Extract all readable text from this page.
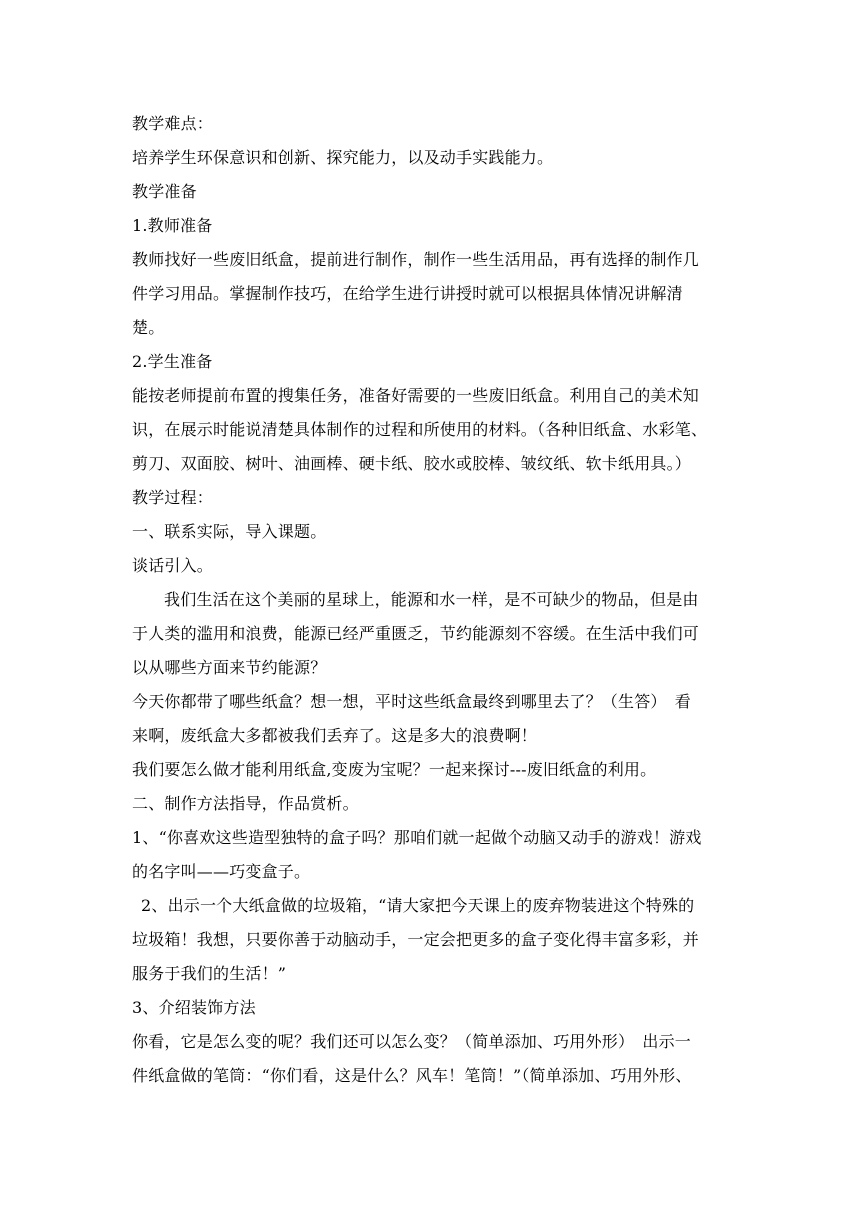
教学难点：
培养学生环保意识和创新、探究能力，以及动手实践能力。
教学准备
1.教师准备
教师找好一些废旧纸盒，提前进行制作，制作一些生活用品，再有选择的制作几
件学习用品。掌握制作技巧，在给学生进行讲授时就可以根据具体情况讲解清
楚。
2.学生准备
能按老师提前布置的搜集任务，准备好需要的一些废旧纸盒。利用自己的美术知
识，在展示时能说清楚具体制作的过程和所使用的材料。（各种旧纸盒、水彩笔、
剪刀、双面胶、树叶、油画棒、硬卡纸、胶水或胶棒、皱纹纸、软卡纸用具。）
教学过程：
一、联系实际，导入课题。
谈话引入。
我们生活在这个美丽的星球上，能源和水一样，是不可缺少的物品，但是由
于人类的滥用和浪费，能源已经严重匮乏，节约能源刻不容缓。在生活中我们可
以从哪些方面来节约能源？
今天你都带了哪些纸盒？想一想，平时这些纸盒最终到哪里去了？（生答）　看
来啊，废纸盒大多都被我们丢弃了。这是多大的浪费啊！
我们要怎么做才能利用纸盒,变废为宝呢？一起来探讨---废旧纸盒的利用。
二、制作方法指导，作品赏析。
1、“你喜欢这些造型独特的盒子吗？那咱们就一起做个动脑又动手的游戏！游戏
的名字叫——巧变盒子。
2、出示一个大纸盒做的垃圾箱，“请大家把今天课上的废弃物装进这个特殊的
垃圾箱！我想，只要你善于动脑动手，一定会把更多的盒子变化得丰富多彩，并
服务于我们的生活！”
3、介绍装饰方法
你看，它是怎么变的呢？我们还可以怎么变？（简单添加、巧用外形）　出示一
件纸盒做的笔筒：“你们看，这是什么？风车！笔筒！”（简单添加、巧用外形、
